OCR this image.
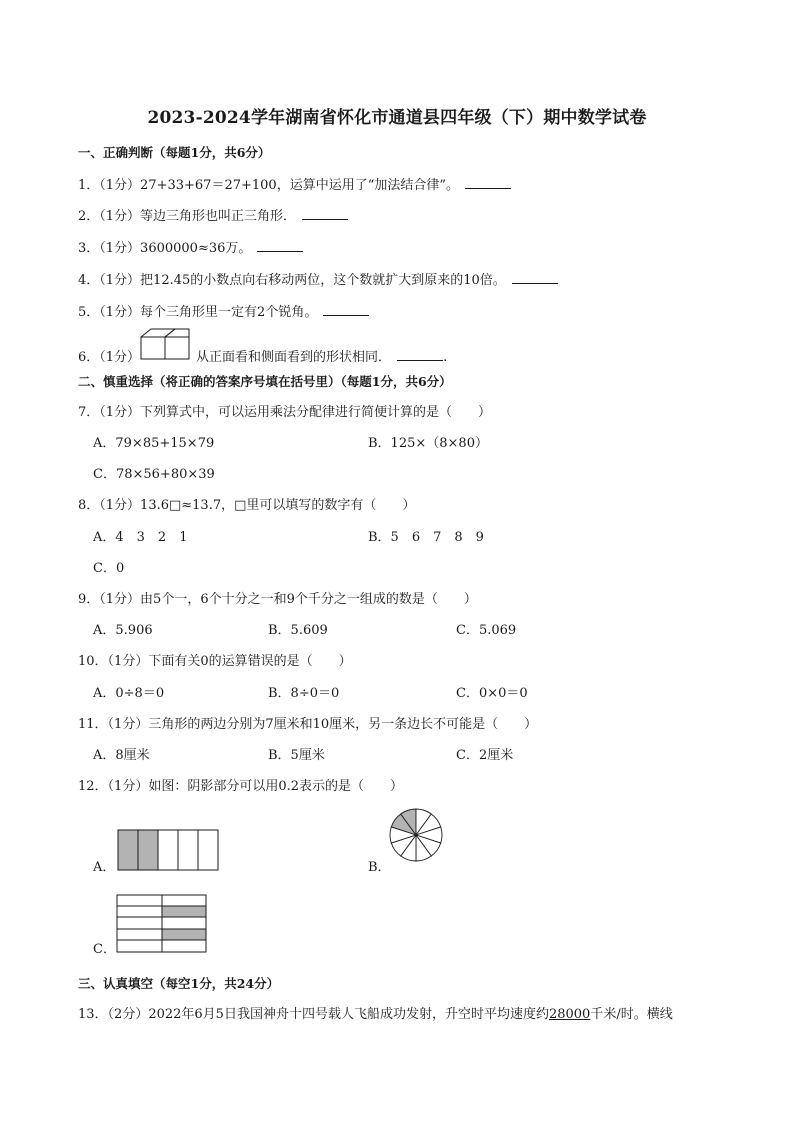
2023-2024学年湖南省怀化市通道县四年级（下）期中数学试卷
一、正确判断（每题1分，共6分）
1．（1分）27+33+67＝27+100，运算中运用了“加法结合律”。
2．（1分）等边三角形也叫正三角形．
3．（1分）3600000≈36万。
4．（1分）把12.45的小数点向右移动两位，这个数就扩大到原来的10倍。
5．（1分）每个三角形里一定有2个锐角。
6．（1分）	从正面看和侧面看到的形状相同．	.
二、慎重选择（将正确的答案序号填在括号里）（每题1分，共6分）
7．（1分）下列算式中，可以运用乘法分配律进行简便计算的是（　　）
A．79×85+15×79	B．125×（8×80）
C．78×56+80×39
8．（1分）13.6□≈13.7，□里可以填写的数字有（　　）
A．4　3　2　1	B．5　6　7　8　9
C．0
9．（1分）由5个一，6个十分之一和9个千分之一组成的数是（　　）
A．5.906	B．5.609	C．5.069
10．（1分）下面有关0的运算错误的是（　　）
A．0÷8＝0	B．8÷0＝0	C．0×0＝0
11．（1分）三角形的两边分别为7厘米和10厘米，另一条边长不可能是（　　）
A．8厘米	B．5厘米	C．2厘米
12．（1分）如图：阴影部分可以用0.2表示的是（　　）
A．	B．
C．
三、认真填空（每空1分，共24分）
13．（2分）2022年6月5日我国神舟十四号载人飞船成功发射，升空时平均速度约28000千米/时。横线
